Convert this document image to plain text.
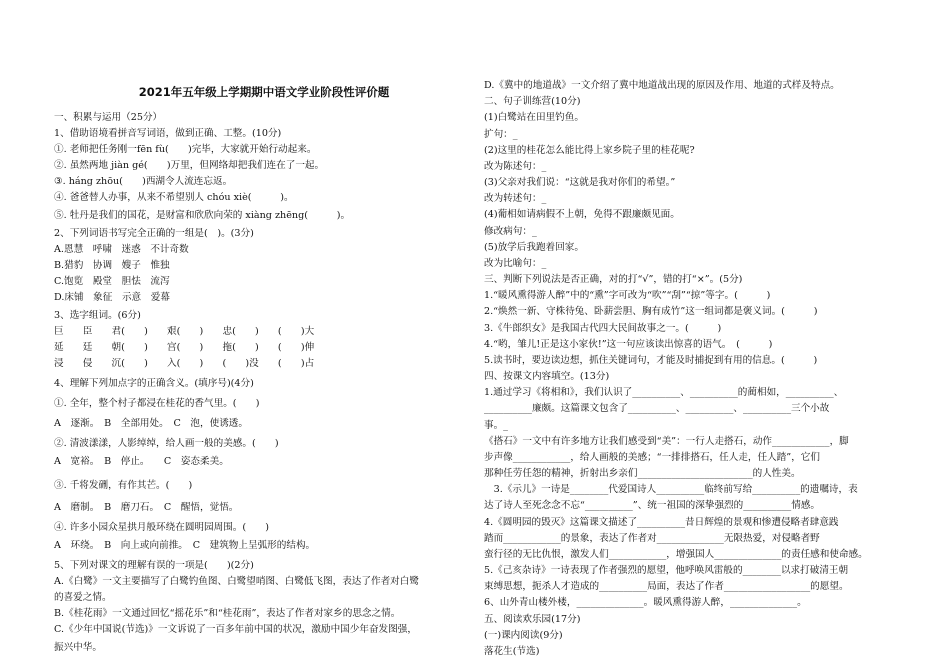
2021年五年级上学期期中语文学业阶段性评价题
一、积累与运用（25分）
1、借助语境看拼音写词语，做到正确、工整。(10分)
①. 老师把任务刚一fēn fù(　　)完毕，大家就开始行动起来。
②. 虽然两地 jiàn gé(　　)万里，但网络却把我们连在了一起。
③. háng zhōu(　　)西湖令人流连忘返。
④. 爸爸替人办事，从来不希望别人 chóu xiè(　　　)。
⑤. 牡丹是我们的国花，是财富和欣欣向荣的 xiàng zhēng(　　　)。
2、下列词语书写完全正确的一组是(　)。(3分)
A.恩慧　呼啸　迷惑　不计奇数
B.猎豹　协调　嫂子　惟独
C.饱览　殿堂　胆怯　流泻
D.床铺　象征　示意　爱幕
3、选字组词。(6分)
巨　　臣　　君(　　)　　艰(　　)　　忠(　　)　　(　　)大
延　　廷　　朝(　　)　　宫(　　)　　拖(　　)　　(　　)伸
浸　　侵　　沉(　　)　　入(　　)　　(　　)没　　(　　)占
4、理解下列加点字的正确含义。(填序号)(4分)
①. 全年，整个村子都浸在桂花的香气里。(　　)
A　逐渐。　B　全部用处。　C　泡，使诱透。
②. 清波漾漾，人影绰绰，给人画一般的美感。(　　)
A　宽裕。　B　停止。　　C　姿态柔美。
③. 千将发硎，有作其芒。(　　)
A　磨制。　B　磨刀石。　C　醒悟，觉悟。
④. 许多小园众星拱月般环绕在圆明园周围。(　　)
A　环绕。　B　向上或向前推。　C　建筑物上呈弧形的结构。
5、下列对课文的理解有误的一项是(　　)(2分)
A.《白鹭》一文主要描写了白鹭钓鱼图、白鹭望哨图、白鹭低飞图，表达了作者对白鹭
的喜爱之情。
B.《桂花雨》一文通过回忆“摇花乐”和“桂花雨”，表达了作者对家乡的思念之情。
C.《少年中国说(节选)》一文诉说了一百多年前中国的状况，激励中国少年奋发图强，
振兴中华。
D.《冀中的地道战》一文介绍了冀中地道战出现的原因及作用、地道的式样及特点。
二、句子训练营(10分)
(1)白鹭站在田里钓鱼。
扩句：_
(2)这里的桂花怎么能比得上家乡院子里的桂花呢?
改为陈述句：_
(3)父亲对我们说：“这就是我对你们的希望。”
改为转述句：_
(4)葡相如请病假不上朝，免得不跟廉颇见面。
修改病句：_
(5)放学后我跑着回家。
改为比喻句：_
三、判断下列说法是否正确，对的打“√”，错的打“×”。(5分)
1.“暖风熏得游人醉”中的“熏”字可改为“吹”“刮”“掠”等字。(　　　)
2.“焕然一新、守株待兔、卧薪尝胆、胸有成竹”这一组词都是褒义词。(　　　)
3.《牛郎织女》是我国古代四大民间故事之一。(　　　)
4.“哟，雏儿!正是这小家伙!”这一句应该读出惊喜的语气。　(　　　)
5.读书时，要边读边想，抓住关键词句，才能及时捕捉到有用的信息。(　　　)
四、按课文内容填空。(13分)
1.通过学习《将相和》，我们认识了__________、__________的蔺相如，__________、
__________廉颇。这篇课文包含了__________、__________、__________三个小故
事。_
《搭石》一文中有许多地方让我们感受到“美”：一行人走搭石，动作____________，脚
步声像____________，给人画般的美感；“一排排搭石，任人走，任人踏”，它们
那种任劳任怨的精神，折射出乡亲们________________________的人性美。
　3.《示儿》一诗是________代爱国诗人__________临终前写给__________的遗嘱诗，表
达了诗人至死念念不忘“__________”、统一祖国的深挚强烈的__________情感。
4.《圆明园的毁灭》这篇课文描述了__________昔日辉煌的景观和惨遭侵略者肆意践
踏而____________的景象，表达了作者对______________无限热爱，对侵略者野
蛮行径的无比仇恨，激发人们____________，增强国人______________的责任感和使命感。
5.《己亥杂诗》一诗表现了作者强烈的愿望，他呼唤风雷般的________以求打破清王朝
束缚思想，扼杀人才造成的__________局面，表达了作者__________________的愿望。
6、山外青山楼外楼，______________。暖风熏得游人醉，______________。
五、阅读欢乐园(17分)
(一)课内阅读(9分)
落花生(节选)
